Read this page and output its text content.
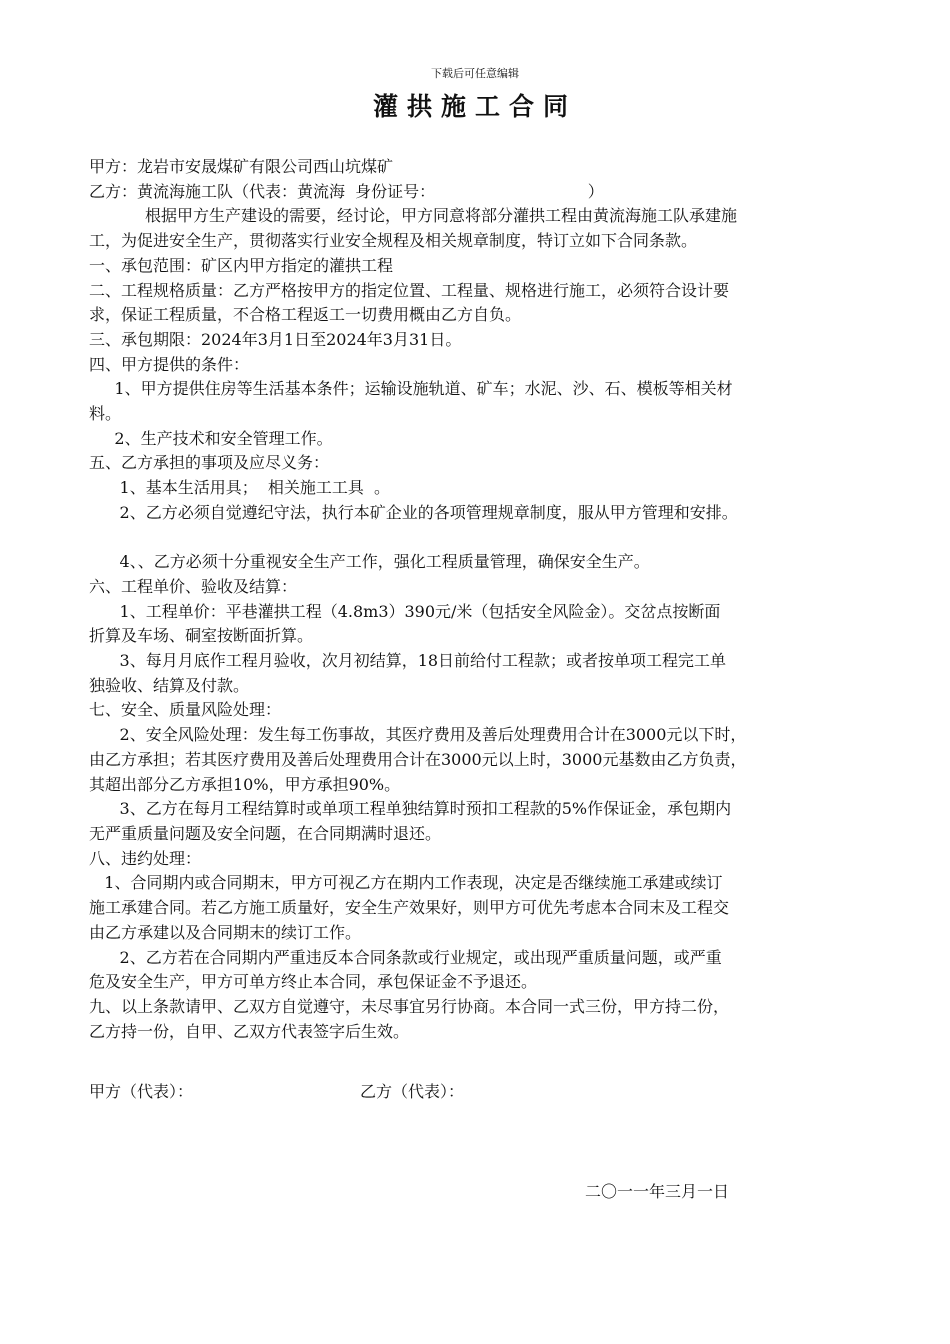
下载后可任意编辑
灌拱施工合同

甲方：龙岩市安晟煤矿有限公司西山坑煤矿

乙方：黄流海施工队（代表：黄流海  身份证号：                              ）

根据甲方生产建设的需要，经讨论，甲方同意将部分灌拱工程由黄流海施工队承建施

工，为促进安全生产，贯彻落实行业安全规程及相关规章制度，特订立如下合同条款。

一、承包范围：矿区内甲方指定的灌拱工程

二、工程规格质量：乙方严格按甲方的指定位置、工程量、规格进行施工，必须符合设计要

求，保证工程质量，不合格工程返工一切费用概由乙方自负。

三、承包期限：2024年3月1日至2024年3月31日。

四、甲方提供的条件：

1、甲方提供住房等生活基本条件；运输设施轨道、矿车；水泥、沙、石、模板等相关材

料。

2、生产技术和安全管理工作。

五、乙方承担的事项及应尽义务：

1、基本生活用具；  相关施工工具  。

2、乙方必须自觉遵纪守法，执行本矿企业的各项管理规章制度，服从甲方管理和安排。

4、、乙方必须十分重视安全生产工作，强化工程质量管理，确保安全生产。

六、工程单价、验收及结算：

1、工程单价：平巷灌拱工程（4.8m3）390元/米（包括安全风险金）。交岔点按断面

折算及车场、硐室按断面折算。

3、每月月底作工程月验收，次月初结算，18日前给付工程款；或者按单项工程完工单

独验收、结算及付款。

七、安全、质量风险处理：

2、安全风险处理：发生每工伤事故，其医疗费用及善后处理费用合计在3000元以下时，

由乙方承担；若其医疗费用及善后处理费用合计在3000元以上时，3000元基数由乙方负责，

其超出部分乙方承担10%，甲方承担90%。

3、乙方在每月工程结算时或单项工程单独结算时预扣工程款的5%作保证金，承包期内

无严重质量问题及安全问题，在合同期满时退还。

八、违约处理：

1、合同期内或合同期末，甲方可视乙方在期内工作表现，决定是否继续施工承建或续订

施工承建合同。若乙方施工质量好，安全生产效果好，则甲方可优先考虑本合同末及工程交

由乙方承建以及合同期末的续订工作。

2、乙方若在合同期内严重违反本合同条款或行业规定，或出现严重质量问题，或严重

危及安全生产，甲方可单方终止本合同，承包保证金不予退还。

九、以上条款请甲、乙双方自觉遵守，未尽事宜另行协商。本合同一式三份，甲方持二份，

乙方持一份，自甲、乙双方代表签字后生效。

甲方（代表）：	乙方（代表）：
二〇一一年三月一日
